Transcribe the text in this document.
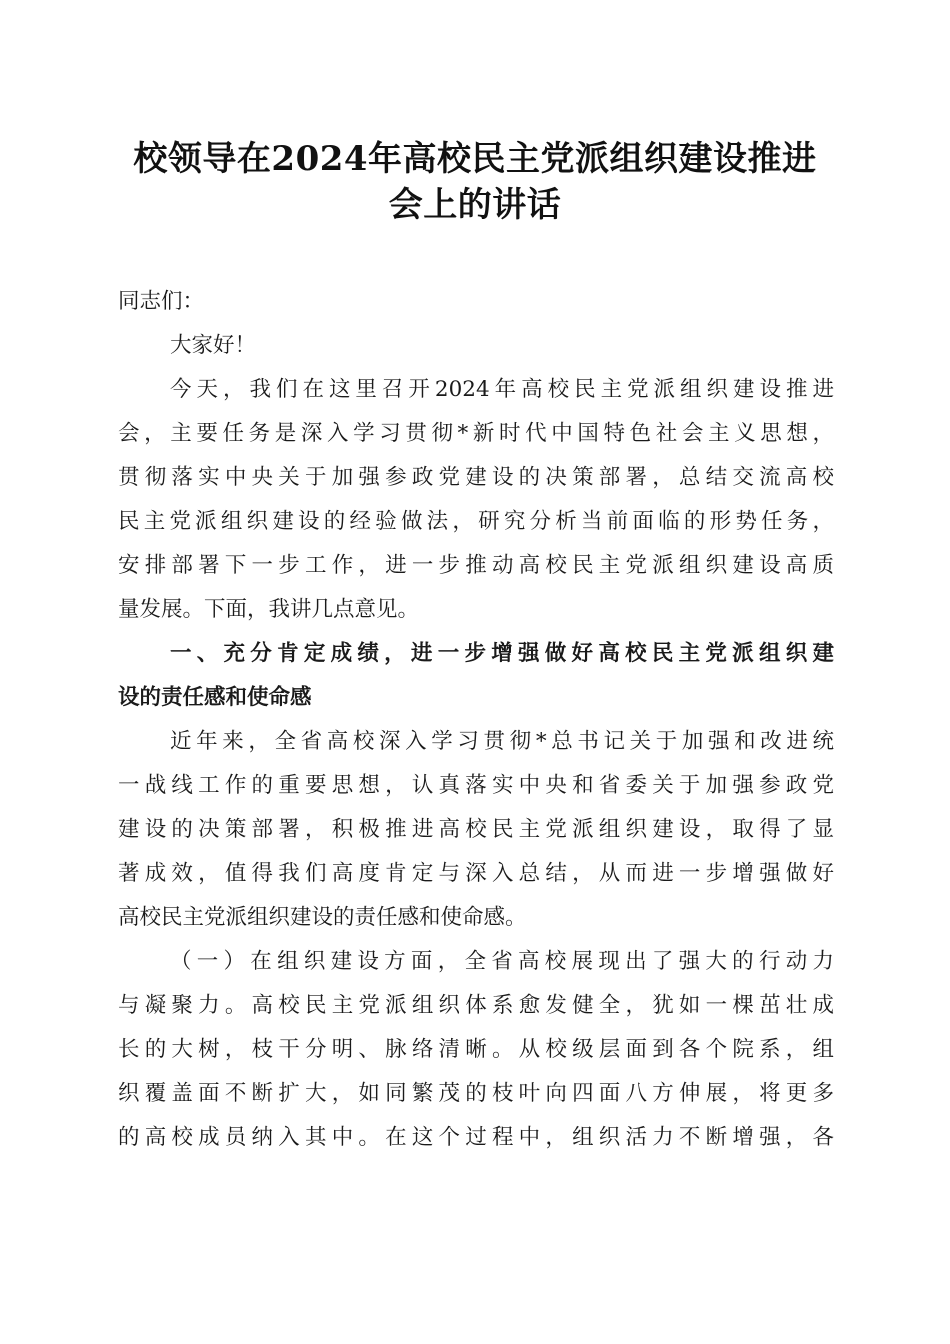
校领导在2024年高校民主党派组织建设推进
会上的讲话
同志们：
大家好！
今天，我们在这里召开2024年高校民主党派组织建设推进
会，主要任务是深入学习贯彻*新时代中国特色社会主义思想，
贯彻落实中央关于加强参政党建设的决策部署，总结交流高校
民主党派组织建设的经验做法，研究分析当前面临的形势任务，
安排部署下一步工作，进一步推动高校民主党派组织建设高质
量发展。下面，我讲几点意见。
一、充分肯定成绩，进一步增强做好高校民主党派组织建
设的责任感和使命感
近年来，全省高校深入学习贯彻*总书记关于加强和改进统
一战线工作的重要思想，认真落实中央和省委关于加强参政党
建设的决策部署，积极推进高校民主党派组织建设，取得了显
著成效，值得我们高度肯定与深入总结，从而进一步增强做好
高校民主党派组织建设的责任感和使命感。
（一）在组织建设方面，全省高校展现出了强大的行动力
与凝聚力。高校民主党派组织体系愈发健全，犹如一棵茁壮成
长的大树，枝干分明、脉络清晰。从校级层面到各个院系，组
织覆盖面不断扩大，如同繁茂的枝叶向四面八方伸展，将更多
的高校成员纳入其中。在这个过程中，组织活力不断增强，各
